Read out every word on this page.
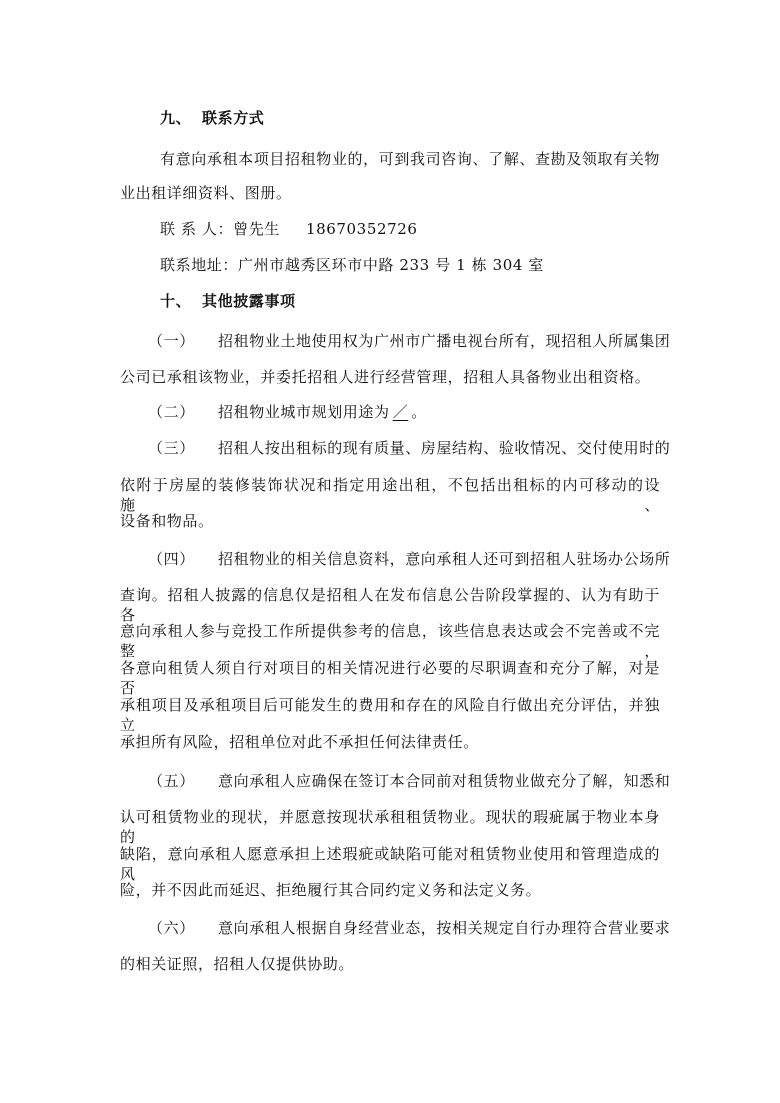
九、 联系方式
有意向承租本项目招租物业的，可到我司咨询、了解、查勘及领取有关物
业出租详细资料、图册。
联 系 人：曾先生 18670352726
联系地址：广州市越秀区环市中路 233 号 1 栋 304 室
十、 其他披露事项
（一） 招租物业土地使用权为广州市广播电视台所有，现招租人所属集团
公司已承租该物业，并委托招租人进行经营管理，招租人具备物业出租资格。
（二） 招租物业城市规划用途为 ／ 。
（三） 招租人按出租标的现有质量、房屋结构、验收情况、交付使用时的
依附于房屋的装修装饰状况和指定用途出租，不包括出租标的内可移动的设施、
设备和物品。
（四） 招租物业的相关信息资料，意向承租人还可到招租人驻场办公场所
查询。招租人披露的信息仅是招租人在发布信息公告阶段掌握的、认为有助于各
意向承租人参与竞投工作所提供参考的信息，该些信息表达或会不完善或不完整，
各意向租赁人须自行对项目的相关情况进行必要的尽职调查和充分了解，对是否
承租项目及承租项目后可能发生的费用和存在的风险自行做出充分评估，并独立
承担所有风险，招租单位对此不承担任何法律责任。
（五） 意向承租人应确保在签订本合同前对租赁物业做充分了解，知悉和
认可租赁物业的现状，并愿意按现状承租租赁物业。现状的瑕疵属于物业本身的
缺陷，意向承租人愿意承担上述瑕疵或缺陷可能对租赁物业使用和管理造成的风
险，并不因此而延迟、拒绝履行其合同约定义务和法定义务。
（六） 意向承租人根据自身经营业态，按相关规定自行办理符合营业要求
的相关证照，招租人仅提供协助。
